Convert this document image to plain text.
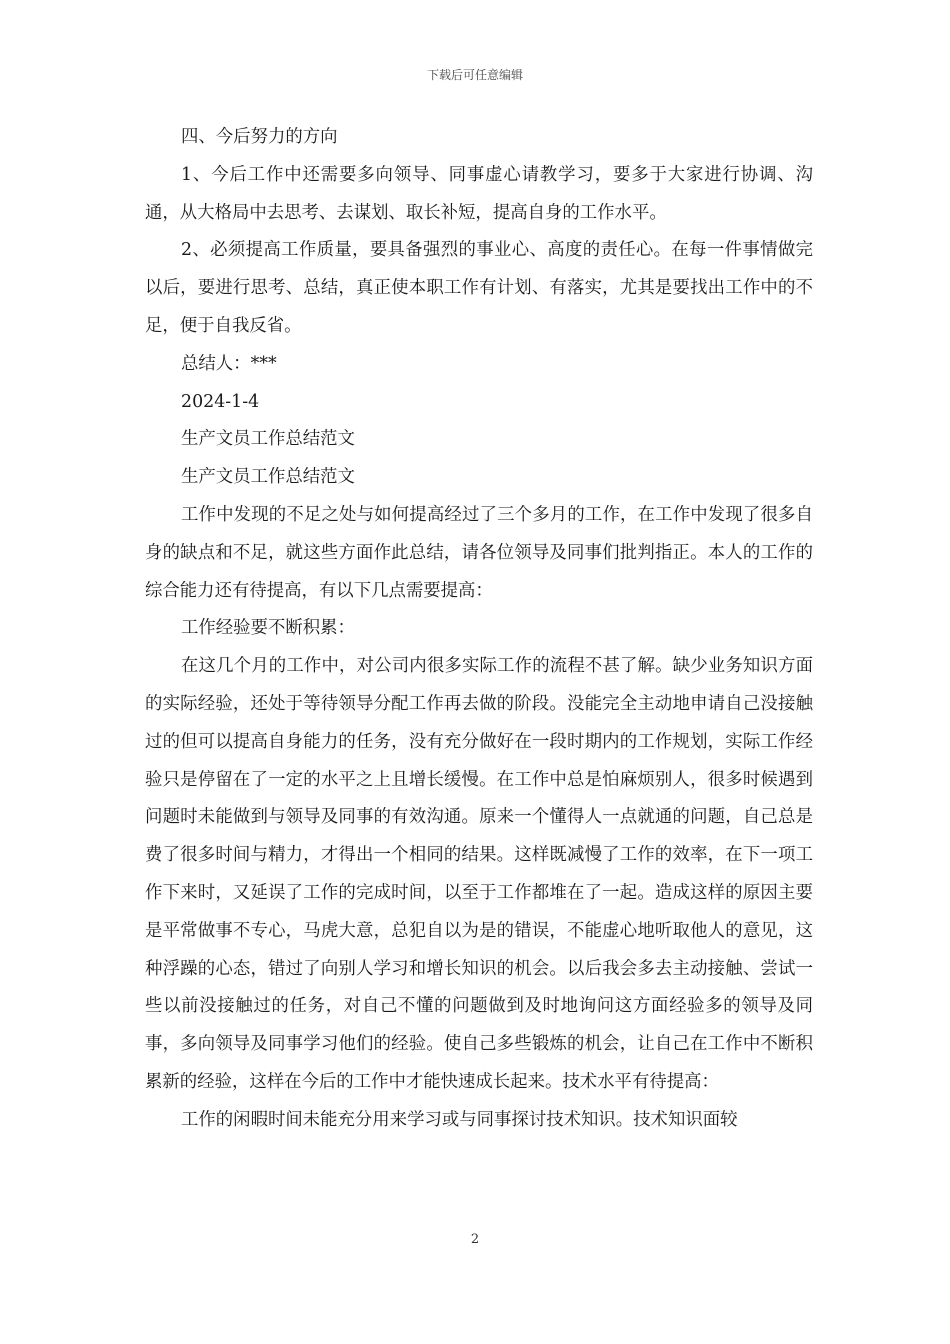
下载后可任意编辑

四、今后努力的方向

1、今后工作中还需要多向领导、同事虚心请教学习，要多于大家进行协调、沟通，从大格局中去思考、去谋划、取长补短，提高自身的工作水平。

2、必须提高工作质量，要具备强烈的事业心、高度的责任心。在每一件事情做完以后，要进行思考、总结，真正使本职工作有计划、有落实，尤其是要找出工作中的不足，便于自我反省。

总结人：***

2024-1-4

生产文员工作总结范文

生产文员工作总结范文

工作中发现的不足之处与如何提高经过了三个多月的工作，在工作中发现了很多自身的缺点和不足，就这些方面作此总结，请各位领导及同事们批判指正。本人的工作的综合能力还有待提高，有以下几点需要提高：

工作经验要不断积累：

在这几个月的工作中，对公司内很多实际工作的流程不甚了解。缺少业务知识方面的实际经验，还处于等待领导分配工作再去做的阶段。没能完全主动地申请自己没接触过的但可以提高自身能力的任务，没有充分做好在一段时期内的工作规划，实际工作经验只是停留在了一定的水平之上且增长缓慢。在工作中总是怕麻烦别人，很多时候遇到问题时未能做到与领导及同事的有效沟通。原来一个懂得人一点就通的问题，自己总是费了很多时间与精力，才得出一个相同的结果。这样既减慢了工作的效率，在下一项工作下来时，又延误了工作的完成时间，以至于工作都堆在了一起。造成这样的原因主要是平常做事不专心，马虎大意，总犯自以为是的错误，不能虚心地听取他人的意见，这种浮躁的心态，错过了向别人学习和增长知识的机会。以后我会多去主动接触、尝试一些以前没接触过的任务，对自己不懂的问题做到及时地询问这方面经验多的领导及同事，多向领导及同事学习他们的经验。使自己多些锻炼的机会，让自己在工作中不断积累新的经验，这样在今后的工作中才能快速成长起来。技术水平有待提高：

工作的闲暇时间未能充分用来学习或与同事探讨技术知识。技术知识面较

2
